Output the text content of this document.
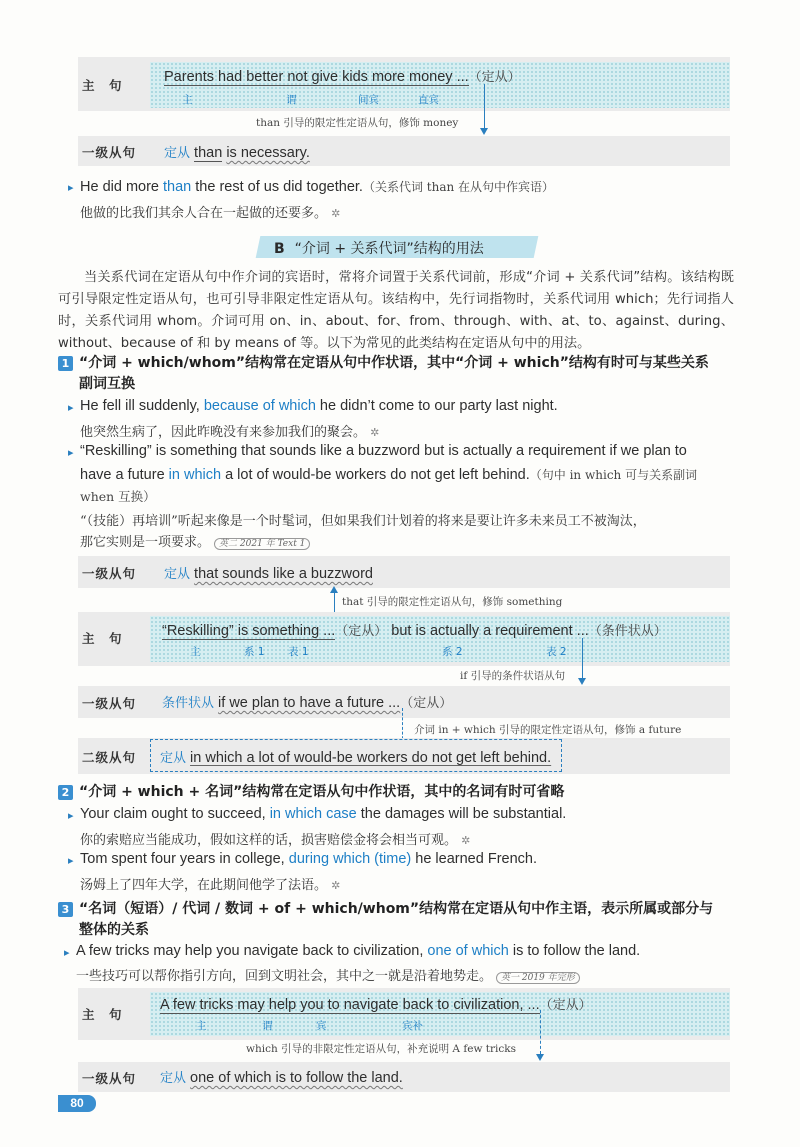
主　句
Parents had better not give kids more money ...（定从）
主	谓	间宾	直宾
than 引导的限定性定语从句，修饰 money
一级从句 定从 than is necessary.
▸ He did more than the rest of us did together.（关系代词 than 在从句中作宾语）
他做的比我们其余人合在一起做的还要多。 ✲
B “介词 + 关系代词”结构的用法
当关系代词在定语从句中作介词的宾语时，常将介词置于关系代词前，形成“介词 + 关系代词”结构。该结构既可引导限定性定语从句，也可引导非限定性定语从句。该结构中，先行词指物时，关系代词用 which；先行词指人时，关系代词用 whom。介词可用 on、in、about、for、from、through、with、at、to、against、during、without、because of 和 by means of 等。以下为常见的此类结构在定语从句中的用法。
1 “介词 + which/whom”结构常在定语从句中作状语，其中“介词 + which”结构有时可与某些关系
副词互换
▸ He fell ill suddenly, because of which he didn’t come to our party last night.
他突然生病了，因此昨晚没有来参加我们的聚会。 ✲
▸ “Reskilling” is something that sounds like a buzzword but is actually a requirement if we plan to
have a future in which a lot of would-be workers do not get left behind.（句中 in which 可与关系副词
when 互换）
“（技能）再培训”听起来像是一个时髦词，但如果我们计划着的将来是要让许多未来员工不被淘汰，
那它实则是一项要求。 英二 2021 年 Text 1
一级从句 定从 that sounds like a buzzword
that 引导的限定性定语从句，修饰 something
主　句	“Reskilling” is something ...（定从） but is actually a requirement ...（条件状从）
主	系 1 表 1	系 2	表 2
if 引导的条件状语从句
一级从句 条件状从 if we plan to have a future ...（定从）
介词 in + which 引导的限定性定语从句，修饰 a future
二级从句 定从 in which a lot of would-be workers do not get left behind.
2 “介词 + which + 名词”结构常在定语从句中作状语，其中的名词有时可省略
▸ Your claim ought to succeed, in which case the damages will be substantial.
你的索赔应当能成功，假如这样的话，损害赔偿金将会相当可观。 ✲
▸ Tom spent four years in college, during which (time) he learned French.
汤姆上了四年大学，在此期间他学了法语。 ✲
3 “名词（短语）/ 代词 / 数词 + of + which/whom”结构常在定语从句中作主语，表示所属或部分与
整体的关系
▸ A few tricks may help you navigate back to civilization, one of which is to follow the land.
一些技巧可以帮你指引方向，回到文明社会，其中之一就是沿着地势走。 英一 2019 年完形
主　句
A few tricks may help you to navigate back to civilization, ...（定从）
主	谓	宾	宾补
which 引导的非限定性定语从句，补充说明 A few tricks
一级从句 定从 one of which is to follow the land.
80
